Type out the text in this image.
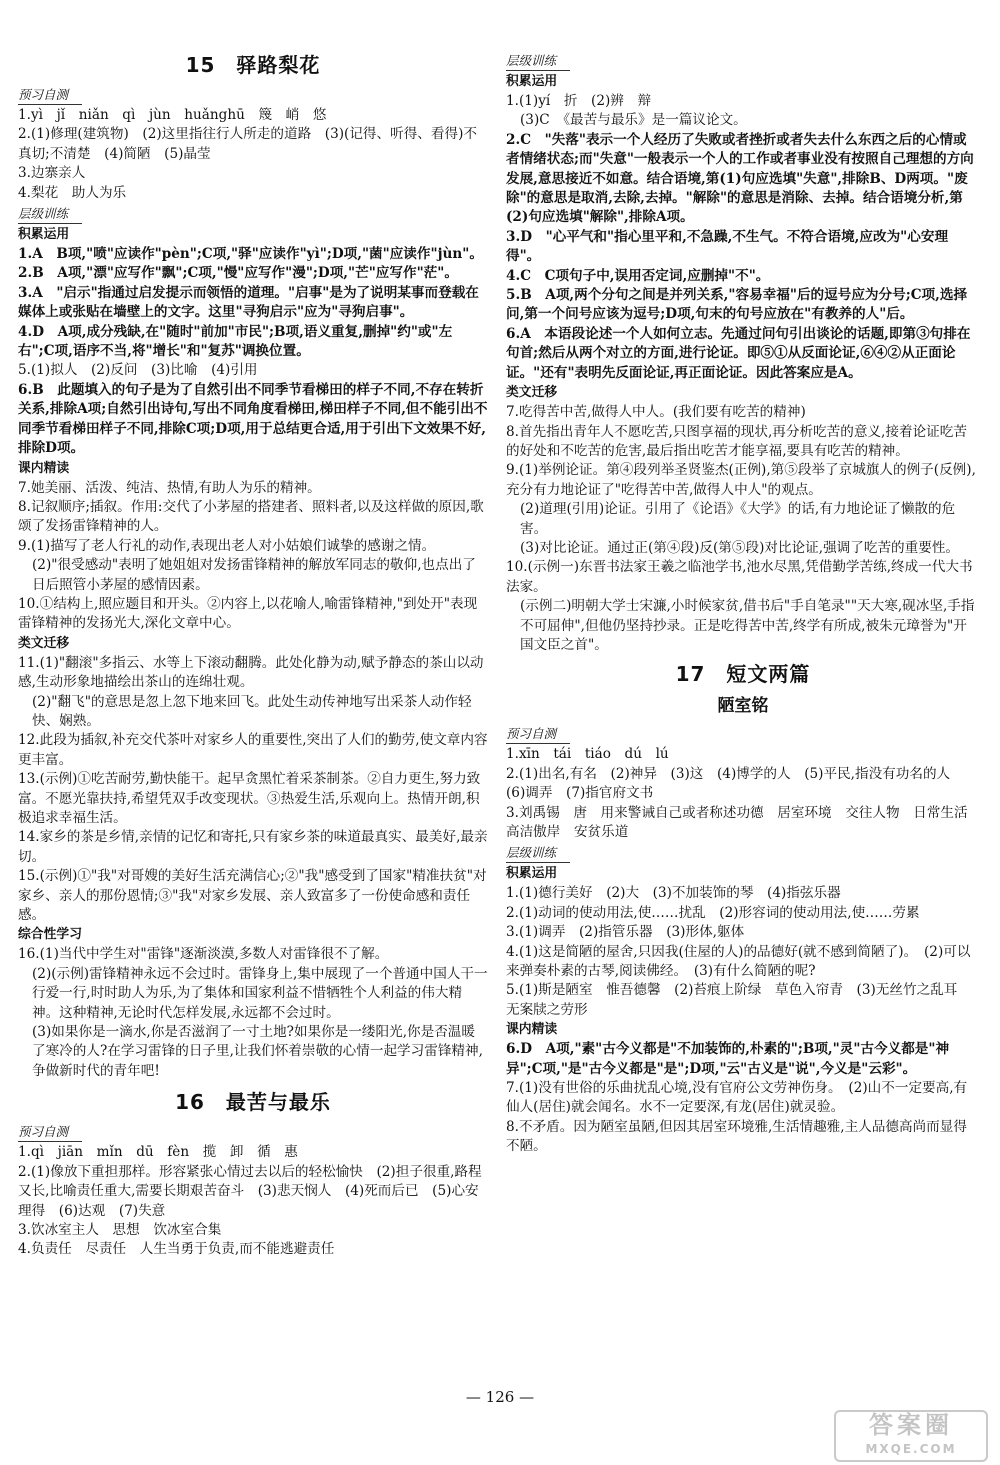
15　驿路梨花
预习自测
1.yì　jǐ　niǎn　qì　jùn　huǎnghū　篾　峭　悠
2.(1)修理(建筑物)　(2)这里指往行人所走的道路　(3)(记得、听得、看得)不真切;不清楚　(4)简陋　(5)晶莹
3.边寨亲人
4.梨花　助人为乐
层级训练
积累运用
1.A　B项,"喷"应读作"pèn";C项,"驿"应读作"yì";D项,"菌"应读作"jùn"。
2.B　A项,"漂"应写作"飘";C项,"慢"应写作"漫";D项,"芒"应写作"茫"。
3.A　"启示"指通过启发提示而领悟的道理。"启事"是为了说明某事而登载在媒体上或张贴在墙壁上的文字。这里"寻狗启示"应为"寻狗启事"。
4.D　A项,成分残缺,在"随时"前加"市民";B项,语义重复,删掉"约"或"左右";C项,语序不当,将"增长"和"复苏"调换位置。
5.(1)拟人　(2)反问　(3)比喻　(4)引用
6.B　此题填入的句子是为了自然引出不同季节看梯田的样子不同,不存在转折关系,排除A项;自然引出诗句,写出不同角度看梯田,梯田样子不同,但不能引出不同季节看梯田样子不同,排除C项;D项,用于总结更合适,用于引出下文效果不好,排除D项。
课内精读
7.她美丽、活泼、纯洁、热情,有助人为乐的精神。
8.记叙顺序;插叙。作用:交代了小茅屋的搭建者、照料者,以及这样做的原因,歌颂了发扬雷锋精神的人。
9.(1)描写了老人行礼的动作,表现出老人对小姑娘们诚挚的感谢之情。
(2)"很受感动"表明了她姐姐对发扬雷锋精神的解放军同志的敬仰,也点出了日后照管小茅屋的感情因素。
10.①结构上,照应题目和开头。②内容上,以花喻人,喻雷锋精神,"到处开"表现雷锋精神的发扬光大,深化文章中心。
类文迁移
11.(1)"翻滚"多指云、水等上下滚动翻腾。此处化静为动,赋予静态的茶山以动感,生动形象地描绘出茶山的连绵壮观。
(2)"翻飞"的意思是忽上忽下地来回飞。此处生动传神地写出采茶人动作轻快、娴熟。
12.此段为插叙,补充交代茶叶对家乡人的重要性,突出了人们的勤劳,使文章内容更丰富。
13.(示例)①吃苦耐劳,勤快能干。起早贪黑忙着采茶制茶。②自力更生,努力致富。不愿光靠扶持,希望凭双手改变现状。③热爱生活,乐观向上。热情开朗,积极追求幸福生活。
14.家乡的茶是乡情,亲情的记忆和寄托,只有家乡茶的味道最真实、最美好,最亲切。
15.(示例)①"我"对哥嫂的美好生活充满信心;②"我"感受到了国家"精准扶贫"对家乡、亲人的那份恩情;③"我"对家乡发展、亲人致富多了一份使命感和责任感。
综合性学习
16.(1)当代中学生对"雷锋"逐渐淡漠,多数人对雷锋很不了解。
(2)(示例)雷锋精神永远不会过时。雷锋身上,集中展现了一个普通中国人干一行爱一行,时时助人为乐,为了集体和国家利益不惜牺牲个人利益的伟大精神。这种精神,无论时代怎样发展,永远都不会过时。
(3)如果你是一滴水,你是否滋润了一寸土地?如果你是一缕阳光,你是否温暖了寒冷的人?在学习雷锋的日子里,让我们怀着崇敬的心情一起学习雷锋精神,争做新时代的青年吧!
16　最苦与最乐
预习自测
1.qì　jiān　mǐn　dū　fèn　揽　卸　循　惠
2.(1)像放下重担那样。形容紧张心情过去以后的轻松愉快　(2)担子很重,路程又长,比喻责任重大,需要长期艰苦奋斗　(3)悲天悯人　(4)死而后已　(5)心安理得　(6)达观　(7)失意
3.饮冰室主人　思想　饮冰室合集
4.负责任　尽责任　人生当勇于负责,而不能逃避责任
层级训练
积累运用
1.(1)yí　折　(2)辨　辩
(3)C　《最苦与最乐》是一篇议论文。
2.C　"失落"表示一个人经历了失败或者挫折或者失去什么东西之后的心情或者情绪状态;而"失意"一般表示一个人的工作或者事业没有按照自己理想的方向发展,意思接近不如意。结合语境,第(1)句应选填"失意",排除B、D两项。"废除"的意思是取消,去除,去掉。"解除"的意思是消除、去掉。结合语境分析,第(2)句应选填"解除",排除A项。
3.D　"心平气和"指心里平和,不急躁,不生气。不符合语境,应改为"心安理得"。
4.C　C项句子中,误用否定词,应删掉"不"。
5.B　A项,两个分句之间是并列关系,"容易幸福"后的逗号应为分号;C项,选择问,第一个问号应该为逗号;D项,句末的句号应放在"有教养的人"后。
6.A　本语段论述一个人如何立志。先通过问句引出谈论的话题,即第③句排在句首;然后从两个对立的方面,进行论证。即⑤①从反面论证,⑥④②从正面论证。"还有"表明先反面论证,再正面论证。因此答案应是A。
类文迁移
7.吃得苦中苦,做得人中人。(我们要有吃苦的精神)
8.首先指出青年人不愿吃苦,只图享福的现状,再分析吃苦的意义,接着论证吃苦的好处和不吃苦的危害,最后指出吃苦才能享福,要具有吃苦的精神。
9.(1)举例论证。第④段列举圣贤鉴杰(正例),第⑤段举了京城旗人的例子(反例),充分有力地论证了"吃得苦中苦,做得人中人"的观点。
(2)道理(引用)论证。引用了《论语》《大学》的话,有力地论证了懒散的危害。
(3)对比论证。通过正(第④段)反(第⑤段)对比论证,强调了吃苦的重要性。
10.(示例一)东晋书法家王羲之临池学书,池水尽黑,凭借勤学苦练,终成一代大书法家。
(示例二)明朝大学士宋濂,小时候家贫,借书后"手自笔录""天大寒,砚冰坚,手指不可屈伸",但他仍坚持抄录。正是吃得苦中苦,终学有所成,被朱元璋誉为"开国文臣之首"。
17　短文两篇
陋室铭
预习自测
1.xīn　tái　tiáo　dú　lú
2.(1)出名,有名　(2)神异　(3)这　(4)博学的人　(5)平民,指没有功名的人　(6)调弄　(7)指官府文书
3.刘禹锡　唐　用来警诫自己或者称述功德　居室环境　交往人物　日常生活　高洁傲岸　安贫乐道
层级训练
积累运用
1.(1)德行美好　(2)大　(3)不加装饰的琴　(4)指弦乐器
2.(1)动词的使动用法,使……扰乱　(2)形容词的使动用法,使……劳累
3.(1)调弄　(2)指管乐器　(3)形体,躯体
4.(1)这是简陋的屋舍,只因我(住屋的人)的品德好(就不感到简陋了)。　(2)可以来弹奏朴素的古琴,阅读佛经。　(3)有什么简陋的呢?
5.(1)斯是陋室　惟吾德馨　(2)苔痕上阶绿　草色入帘青　(3)无丝竹之乱耳　无案牍之劳形
课内精读
6.D　A项,"素"古今义都是"不加装饰的,朴素的";B项,"灵"古今义都是"神异";C项,"是"古今义都是"是";D项,"云"古义是"说",今义是"云彩"。
7.(1)没有世俗的乐曲扰乱心境,没有官府公文劳神伤身。　(2)山不一定要高,有仙人(居住)就会闻名。水不一定要深,有龙(居住)就灵验。
8.不矛盾。因为陋室虽陋,但因其居室环境雅,生活情趣雅,主人品德高尚而显得不陋。
— 126 —
答案圈
MXQE.COM
